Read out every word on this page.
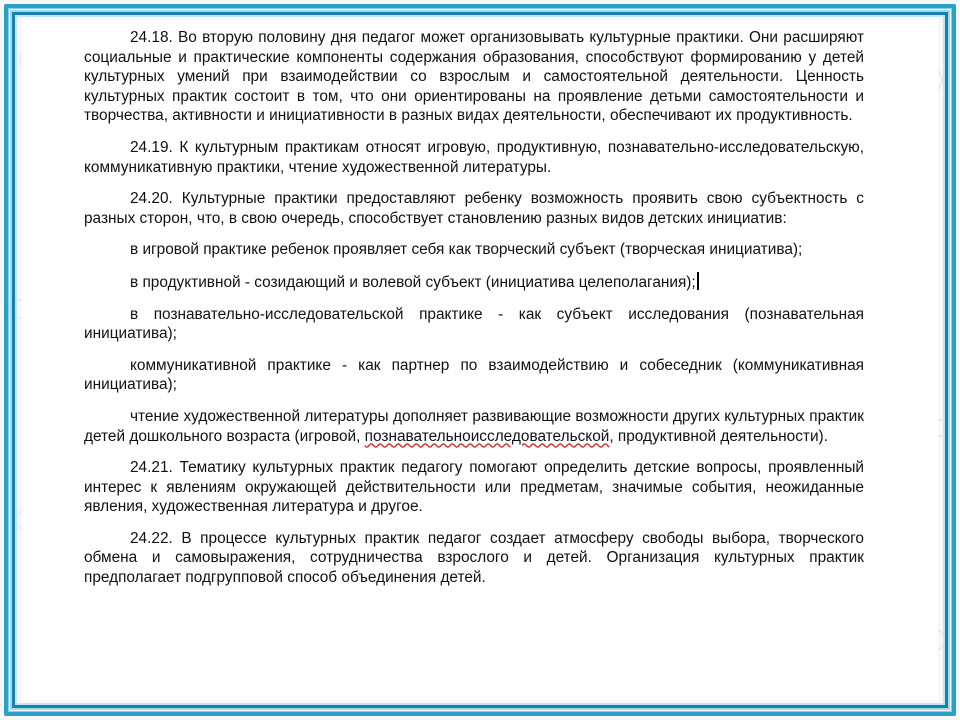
24.18. Во вторую половину дня педагог может организовывать культурные практики. Они расширяют социальные и практические компоненты содержания образования, способствуют формированию у детей культурных умений при взаимодействии со взрослым и самостоятельной деятельности. Ценность культурных практик состоит в том, что они ориентированы на проявление детьми самостоятельности и творчества, активности и инициативности в разных видах деятельности, обеспечивают их продуктивность.

24.19. К культурным практикам относят игровую, продуктивную, познавательно-исследовательскую, коммуникативную практики, чтение художественной литературы.

24.20. Культурные практики предоставляют ребенку возможность проявить свою субъектность с разных сторон, что, в свою очередь, способствует становлению разных видов детских инициатив:

в игровой практике ребенок проявляет себя как творческий субъект (творческая инициатива);

в продуктивной - созидающий и волевой субъект (инициатива целеполагания);

в познавательно-исследовательской практике - как субъект исследования (познавательная инициатива);

коммуникативной практике - как партнер по взаимодействию и собеседник (коммуникативная инициатива);

чтение художественной литературы дополняет развивающие возможности других культурных практик детей дошкольного возраста (игровой, познавательноисследовательской, продуктивной деятельности).

24.21. Тематику культурных практик педагогу помогают определить детские вопросы, проявленный интерес к явлениям окружающей действительности или предметам, значимые события, неожиданные явления, художественная литература и другое.

24.22. В процессе культурных практик педагог создает атмосферу свободы выбора, творческого обмена и самовыражения, сотрудничества взрослого и детей. Организация культурных практик предполагает подгрупповой способ объединения детей.
